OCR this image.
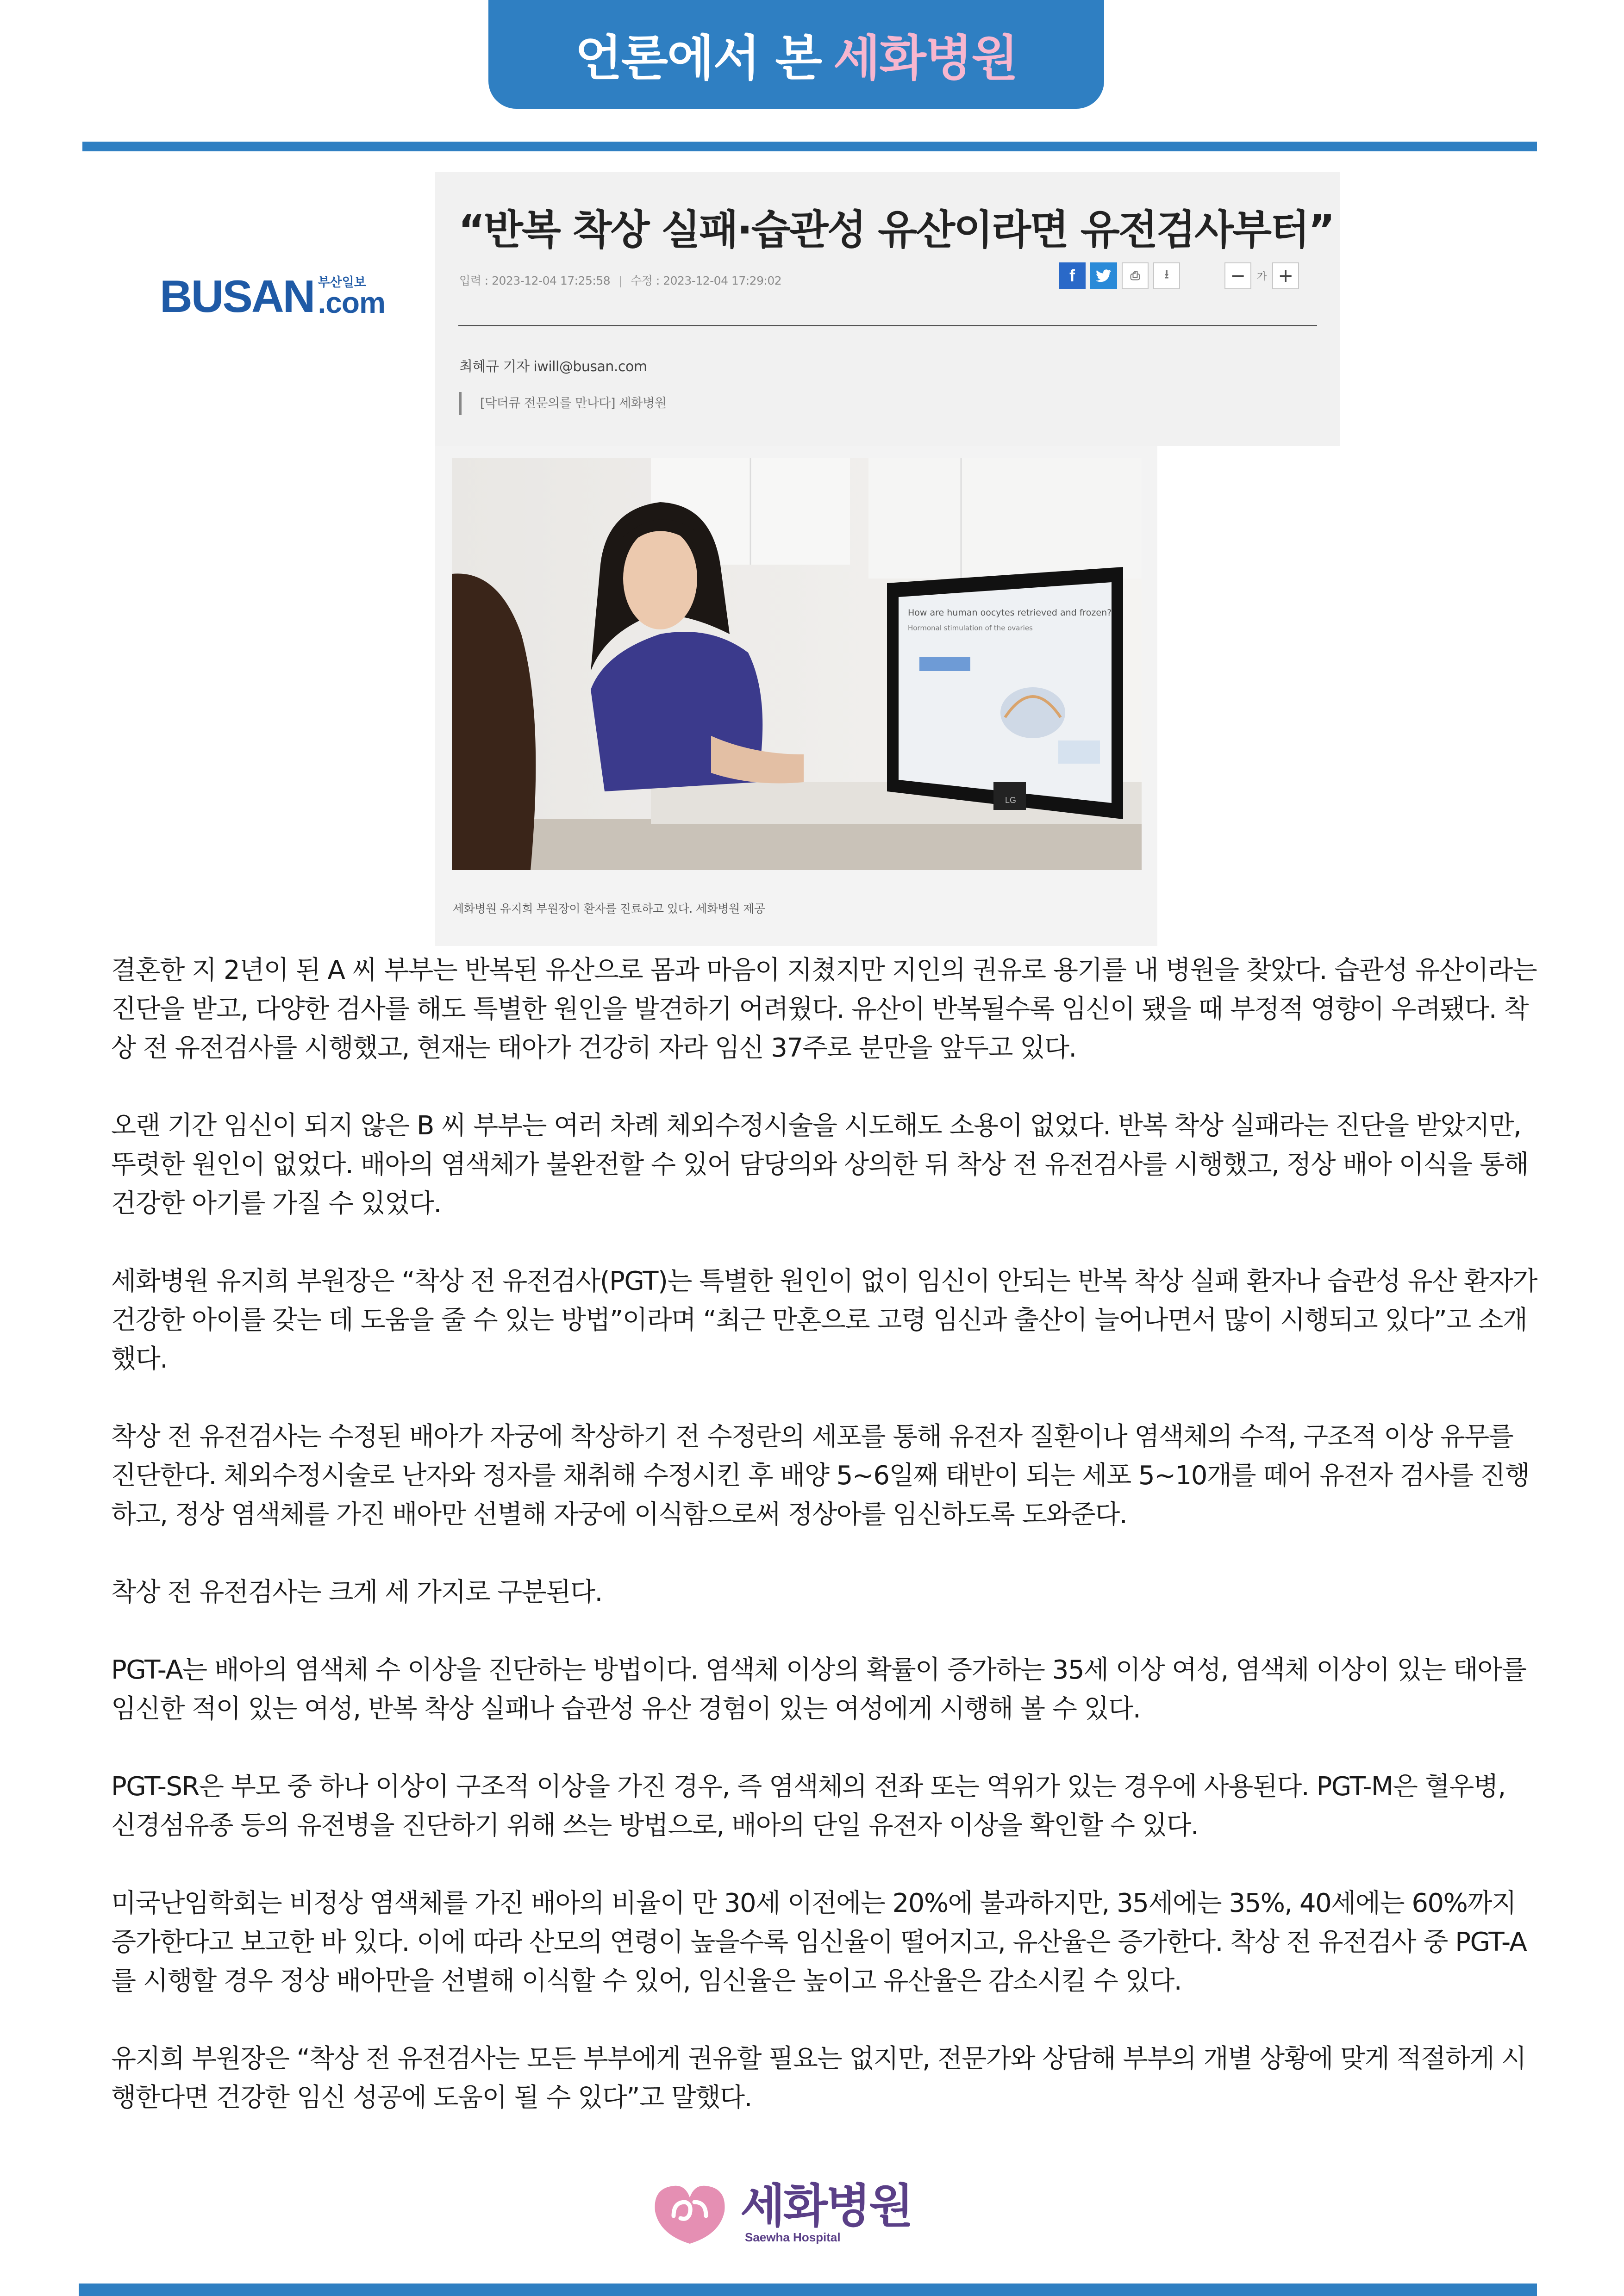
언론에서 본 세화병원
BUSAN 부산일보
.com
“반복 착상 실패·습관성 유산이라면 유전검사부터”
입력 : 2023-12-04 17:25:58 | 수정 : 2023-12-04 17:29:02	f	⎙	⭳	−	가 +
최혜규 기자 iwill@busan.com
[닥터큐 전문의를 만나다] 세화병원
How are human oocytes retrieved and frozen?
Hormonal stimulation of the ovaries
LG
세화병원 유지희 부원장이 환자를 진료하고 있다. 세화병원 제공

결혼한 지 2년이 된 A 씨 부부는 반복된 유산으로 몸과 마음이 지쳤지만 지인의 권유로 용기를 내 병원을 찾았다. 습관성 유산이라는 진단을 받고, 다양한 검사를 해도 특별한 원인을 발견하기 어려웠다. 유산이 반복될수록 임신이 됐을 때 부정적 영향이 우려됐다. 착상 전 유전검사를 시행했고, 현재는 태아가 건강히 자라 임신 37주로 분만을 앞두고 있다.

오랜 기간 임신이 되지 않은 B 씨 부부는 여러 차례 체외수정시술을 시도해도 소용이 없었다. 반복 착상 실패라는 진단을 받았지만, 뚜렷한 원인이 없었다. 배아의 염색체가 불완전할 수 있어 담당의와 상의한 뒤 착상 전 유전검사를 시행했고, 정상 배아 이식을 통해 건강한 아기를 가질 수 있었다.

세화병원 유지희 부원장은 “착상 전 유전검사(PGT)는 특별한 원인이 없이 임신이 안되는 반복 착상 실패 환자나 습관성 유산 환자가 건강한 아이를 갖는 데 도움을 줄 수 있는 방법”이라며 “최근 만혼으로 고령 임신과 출산이 늘어나면서 많이 시행되고 있다”고 소개했다.

착상 전 유전검사는 수정된 배아가 자궁에 착상하기 전 수정란의 세포를 통해 유전자 질환이나 염색체의 수적, 구조적 이상 유무를 진단한다. 체외수정시술로 난자와 정자를 채취해 수정시킨 후 배양 5~6일째 태반이 되는 세포 5~10개를 떼어 유전자 검사를 진행하고, 정상 염색체를 가진 배아만 선별해 자궁에 이식함으로써 정상아를 임신하도록 도와준다.

착상 전 유전검사는 크게 세 가지로 구분된다.

PGT-A는 배아의 염색체 수 이상을 진단하는 방법이다. 염색체 이상의 확률이 증가하는 35세 이상 여성, 염색체 이상이 있는 태아를 임신한 적이 있는 여성, 반복 착상 실패나 습관성 유산 경험이 있는 여성에게 시행해 볼 수 있다.

PGT-SR은 부모 중 하나 이상이 구조적 이상을 가진 경우, 즉 염색체의 전좌 또는 역위가 있는 경우에 사용된다. PGT-M은 혈우병, 신경섬유종 등의 유전병을 진단하기 위해 쓰는 방법으로, 배아의 단일 유전자 이상을 확인할 수 있다.

미국난임학회는 비정상 염색체를 가진 배아의 비율이 만 30세 이전에는 20%에 불과하지만, 35세에는 35%, 40세에는 60%까지 증가한다고 보고한 바 있다. 이에 따라 산모의 연령이 높을수록 임신율이 떨어지고, 유산율은 증가한다. 착상 전 유전검사 중 PGT-A를 시행할 경우 정상 배아만을 선별해 이식할 수 있어, 임신율은 높이고 유산율은 감소시킬 수 있다.

유지희 부원장은 “착상 전 유전검사는 모든 부부에게 권유할 필요는 없지만, 전문가와 상담해 부부의 개별 상황에 맞게 적절하게 시행한다면 건강한 임신 성공에 도움이 될 수 있다”고 말했다.

세화병원
Saewha Hospital
